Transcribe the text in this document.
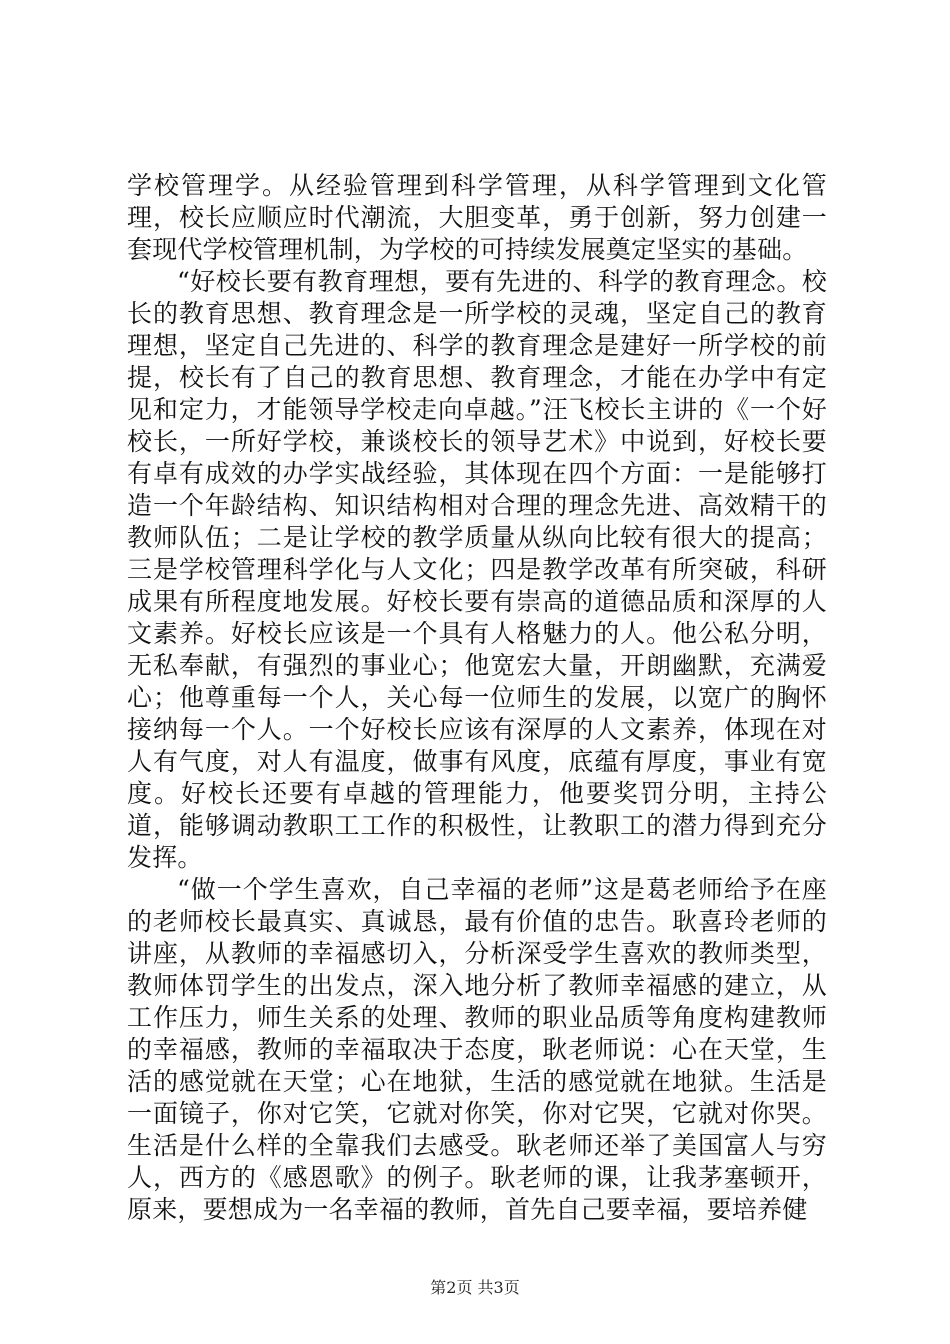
学校管理学。从经验管理到科学管理，从科学管理到文化管理，校长应顺应时代潮流，大胆变革，勇于创新，努力创建一套现代学校管理机制，为学校的可持续发展奠定坚实的基础。

“好校长要有教育理想，要有先进的、科学的教育理念。校长的教育思想、教育理念是一所学校的灵魂，坚定自己的教育理想，坚定自己先进的、科学的教育理念是建好一所学校的前提，校长有了自己的教育思想、教育理念，才能在办学中有定见和定力，才能领导学校走向卓越。”汪飞校长主讲的《一个好校长，一所好学校，兼谈校长的领导艺术》中说到，好校长要有卓有成效的办学实战经验，其体现在四个方面：一是能够打造一个年龄结构、知识结构相对合理的理念先进、高效精干的教师队伍；二是让学校的教学质量从纵向比较有很大的提高；三是学校管理科学化与人文化；四是教学改革有所突破，科研成果有所程度地发展。好校长要有崇高的道德品质和深厚的人文素养。好校长应该是一个具有人格魅力的人。他公私分明，无私奉献，有强烈的事业心；他宽宏大量，开朗幽默，充满爱心；他尊重每一个人，关心每一位师生的发展，以宽广的胸怀接纳每一个人。一个好校长应该有深厚的人文素养，体现在对人有气度，对人有温度，做事有风度，底蕴有厚度，事业有宽度。好校长还要有卓越的管理能力，他要奖罚分明，主持公道，能够调动教职工工作的积极性，让教职工的潜力得到充分发挥。

“做一个学生喜欢，自己幸福的老师”这是葛老师给予在座的老师校长最真实、真诚恳，最有价值的忠告。耿喜玲老师的讲座，从教师的幸福感切入，分析深受学生喜欢的教师类型，教师体罚学生的出发点，深入地分析了教师幸福感的建立，从工作压力，师生关系的处理、教师的职业品质等角度构建教师的幸福感，教师的幸福取决于态度，耿老师说：心在天堂，生活的感觉就在天堂；心在地狱，生活的感觉就在地狱。生活是一面镜子，你对它笑，它就对你笑，你对它哭，它就对你哭。生活是什么样的全靠我们去感受。耿老师还举了美国富人与穷人，西方的《感恩歌》的例子。耿老师的课，让我茅塞顿开，原来，要想成为一名幸福的教师，首先自己要幸福，要培养健

第2页 共3页
